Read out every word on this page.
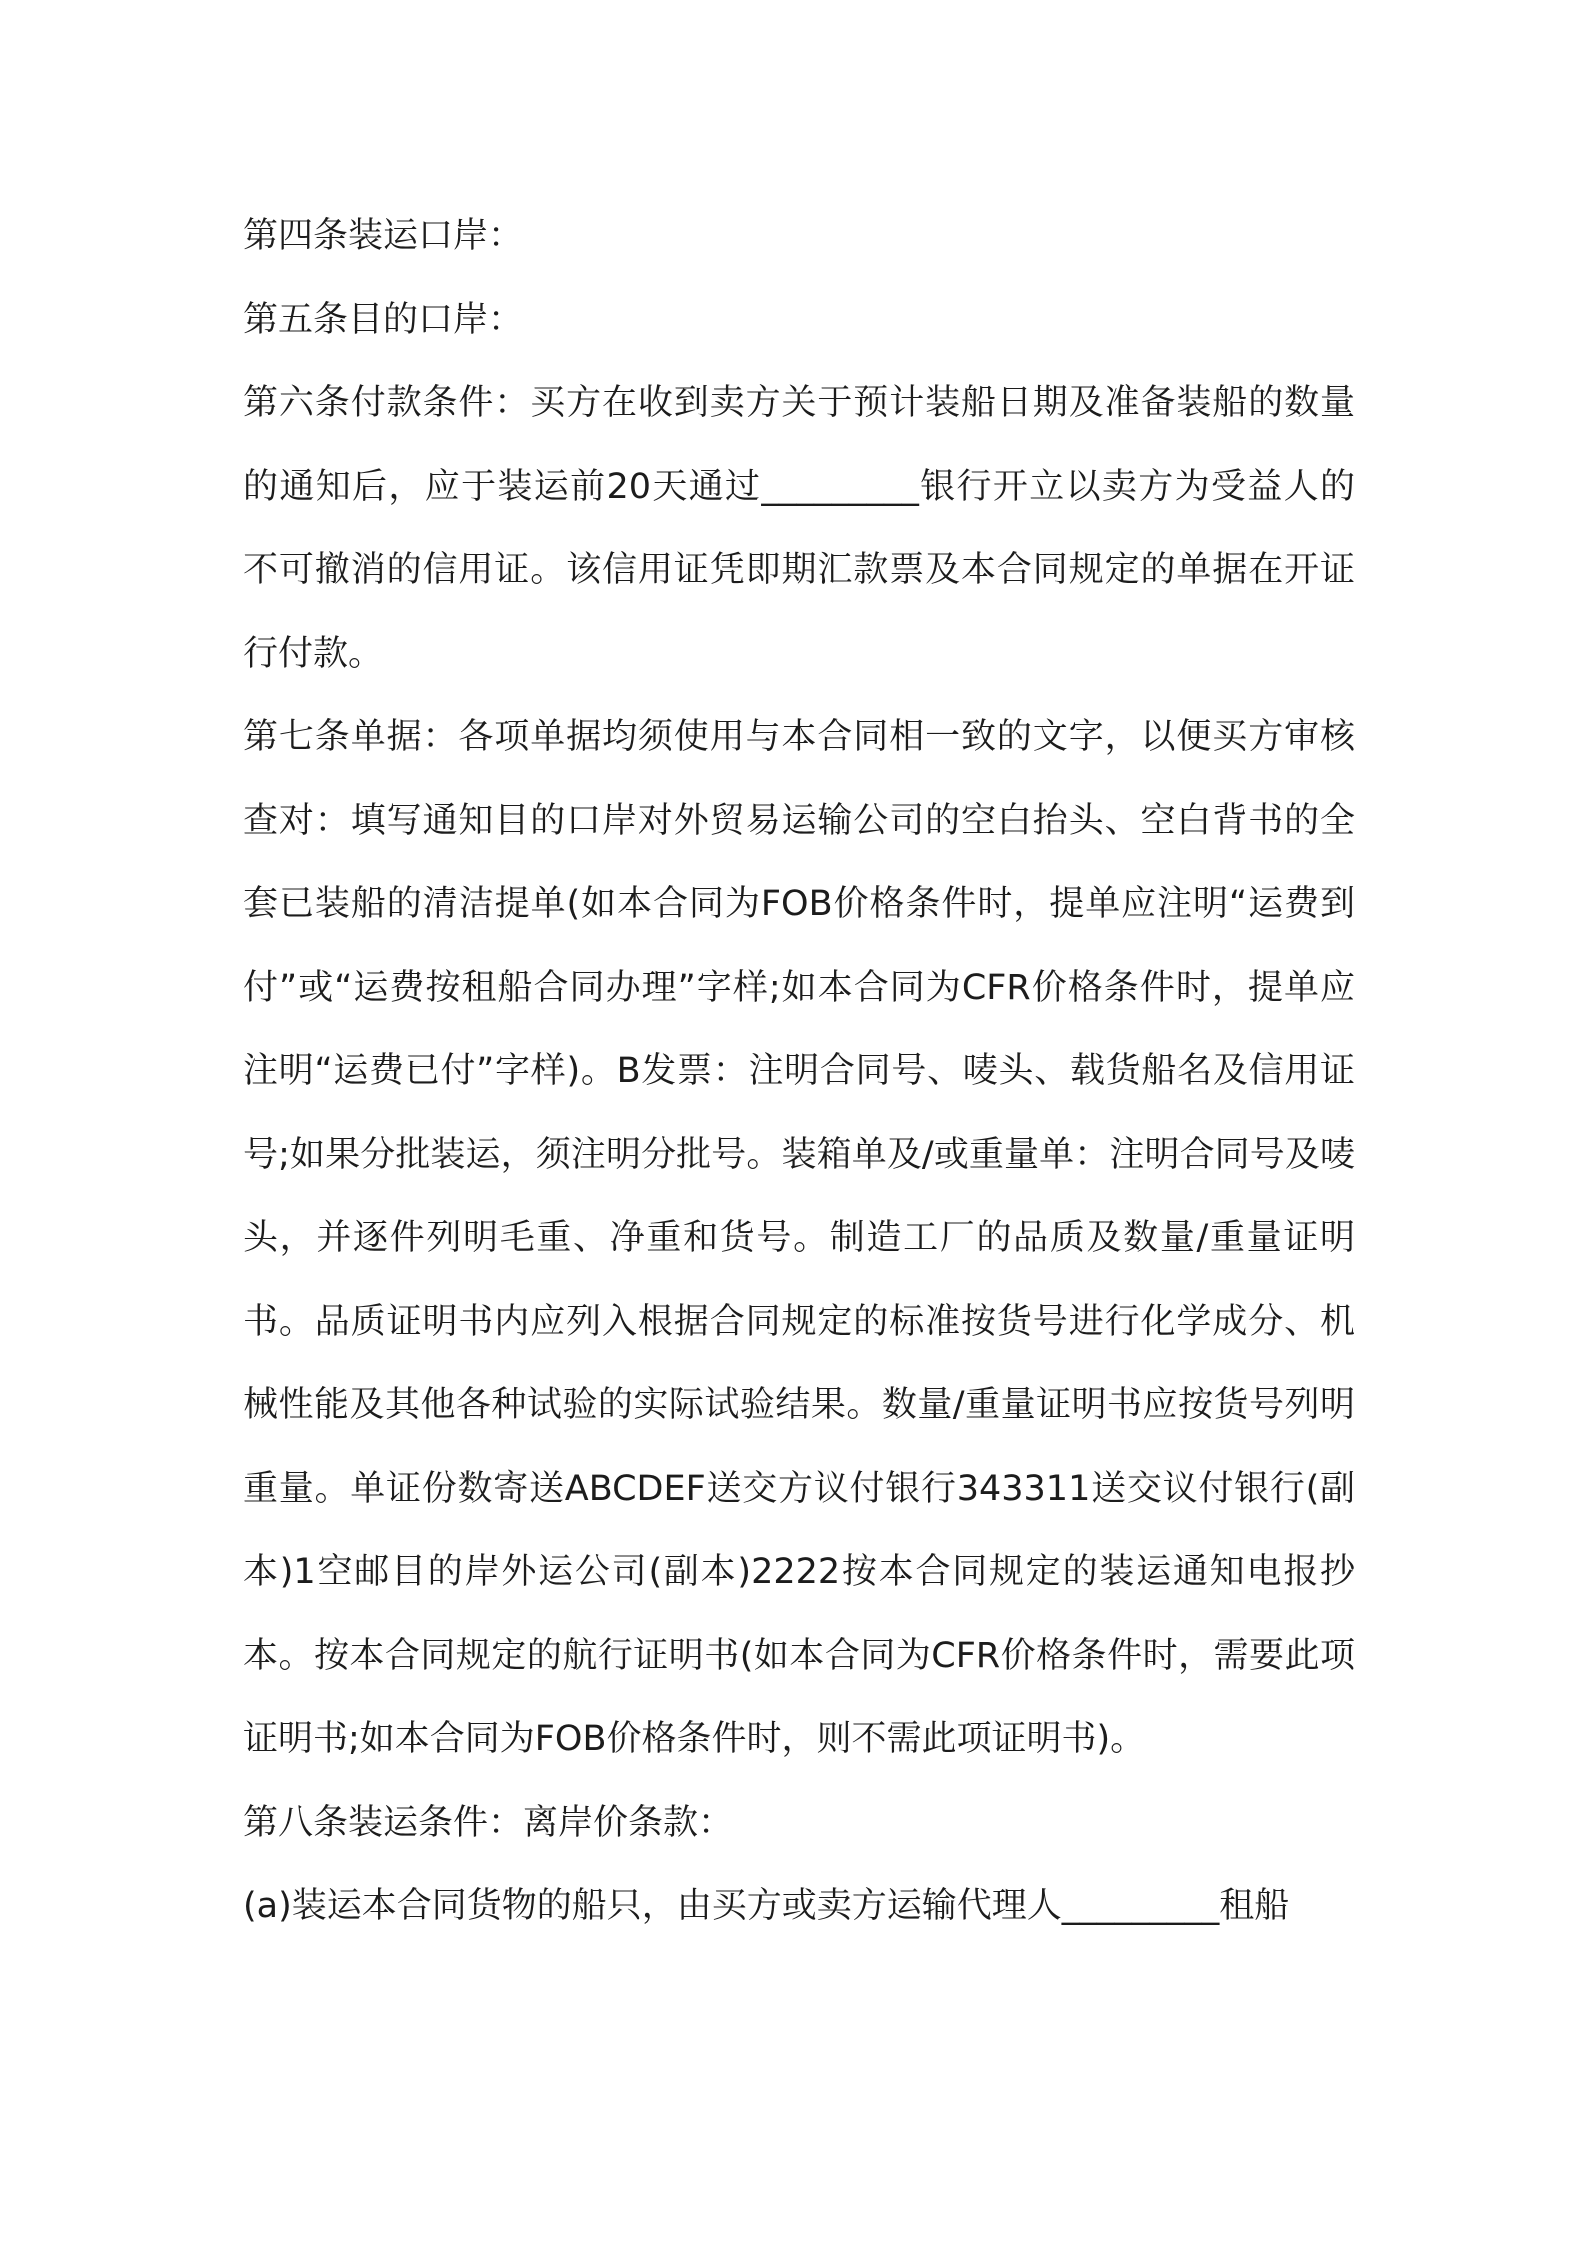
第四条装运口岸：

第五条目的口岸：

第六条付款条件：买方在收到卖方关于预计装船日期及准备装船的数量的通知后，应于装运前20天通过_________银行开立以卖方为受益人的不可撤消的信用证。该信用证凭即期汇款票及本合同规定的单据在开证行付款。

第七条单据：各项单据均须使用与本合同相一致的文字，以便买方审核查对：填写通知目的口岸对外贸易运输公司的空白抬头、空白背书的全套已装船的清洁提单(如本合同为FOB价格条件时，提单应注明“运费到付”或“运费按租船合同办理”字样;如本合同为CFR价格条件时，提单应注明“运费已付”字样)。B发票：注明合同号、唛头、载货船名及信用证号;如果分批装运，须注明分批号。装箱单及/或重量单：注明合同号及唛头，并逐件列明毛重、净重和货号。制造工厂的品质及数量/重量证明书。品质证明书内应列入根据合同规定的标准按货号进行化学成分、机械性能及其他各种试验的实际试验结果。数量/重量证明书应按货号列明重量。单证份数寄送ABCDEF送交方议付银行343311送交议付银行(副本)1空邮目的岸外运公司(副本)2222按本合同规定的装运通知电报抄本。按本合同规定的航行证明书(如本合同为CFR价格条件时，需要此项证明书;如本合同为FOB价格条件时，则不需此项证明书)。

第八条装运条件：离岸价条款：

(a)装运本合同货物的船只，由买方或卖方运输代理人_________租船
